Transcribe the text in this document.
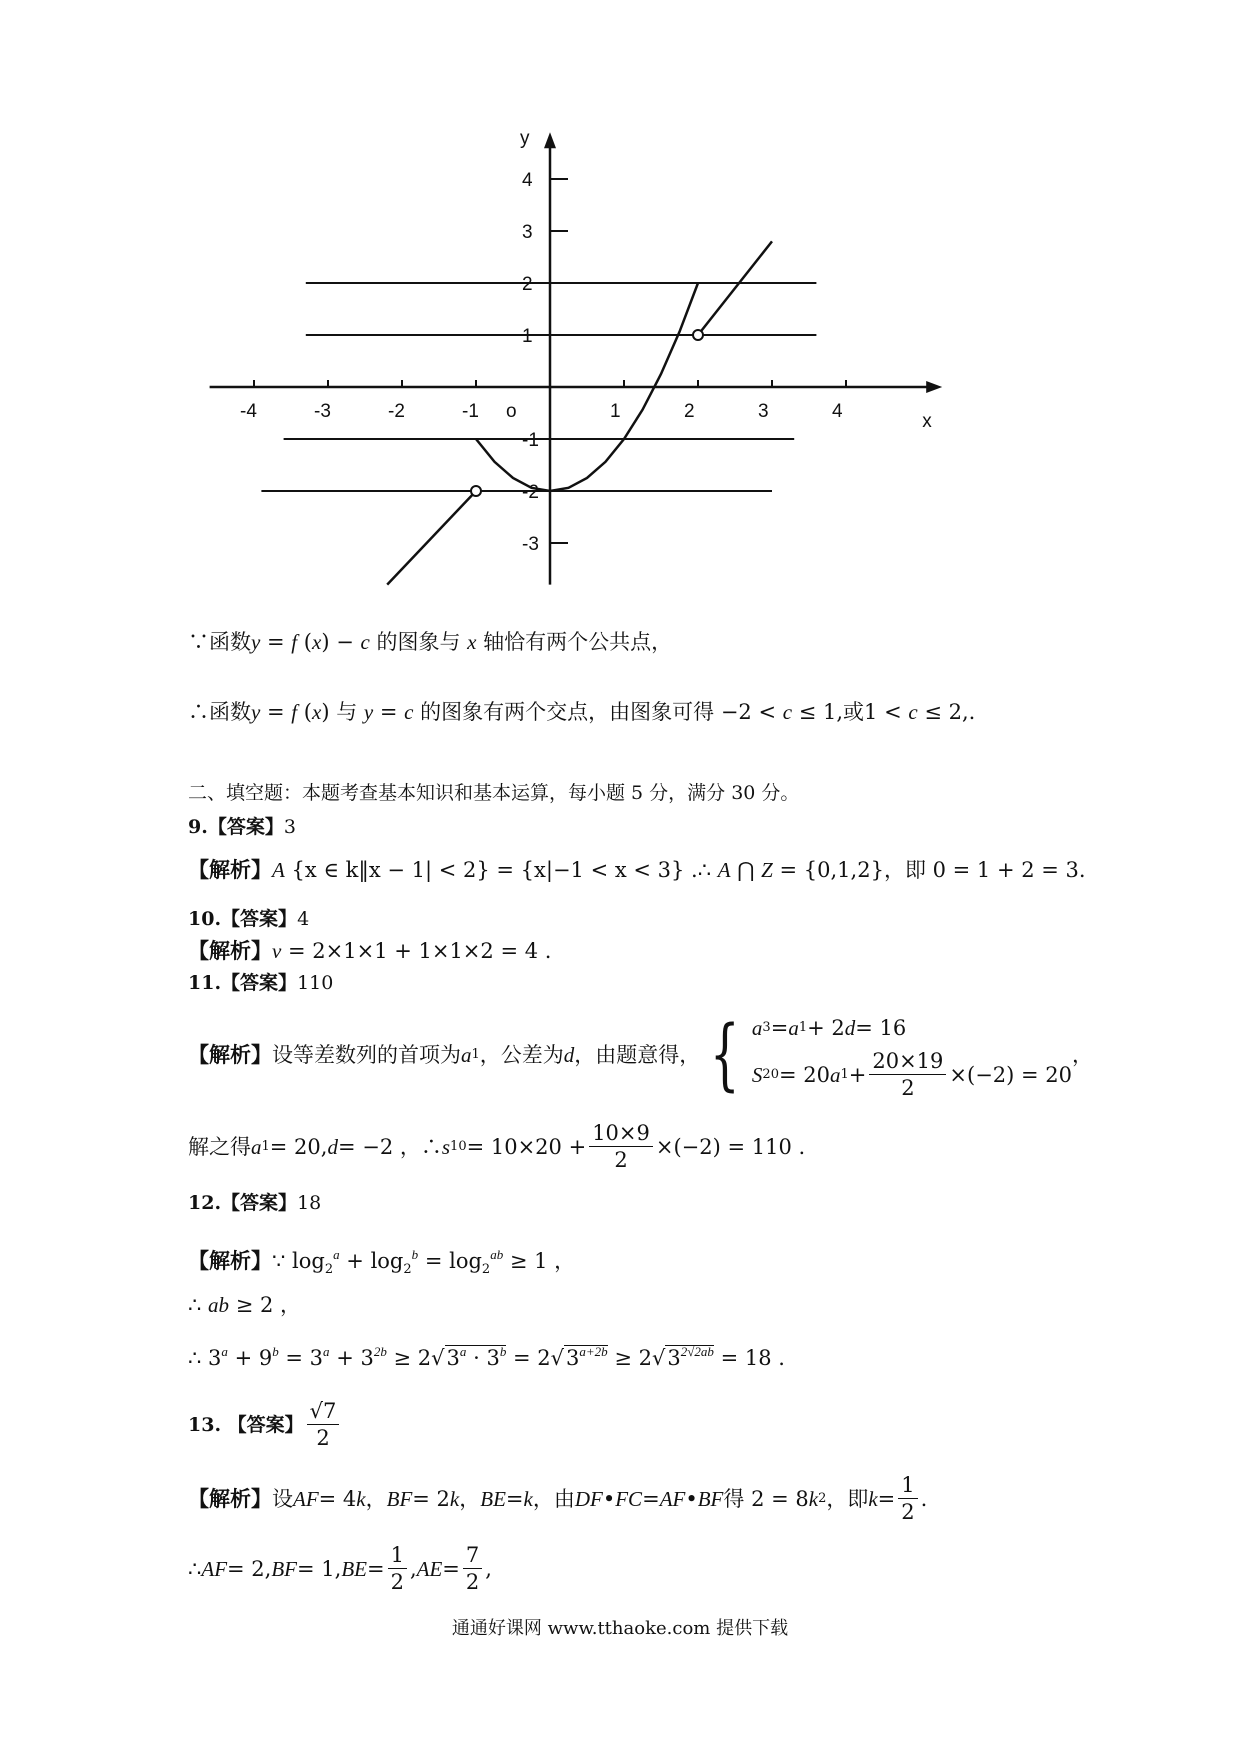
x
y
o
-4	-3	-2	-1	1	2	3	4
4
3
2
1
-1
-2
-3
∵函数y = f (x) − c 的图象与 x 轴恰有两个公共点，
∴函数y = f (x) 与 y = c 的图象有两个交点，由图象可得 −2 < c ≤ 1,或1 < c ≤ 2,.
二、填空题：本题考查基本知识和基本运算，每小题 5 分，满分 30 分。
9.【答案】3
【解析】A {x ∈ k‖x − 1| < 2} = {x|−1 < x < 3} .∴ A ⋂ Z = {0,1,2}，即 0 = 1 + 2 = 3.
10.【答案】4
【解析】v = 2×1×1 + 1×1×2 = 4 .
11.【答案】110
【解析】 设等差数列的首项为 a 1 ，公差为 d ，由题意得， { a 3 = a 1 + 2 d = 16
S 20 = 20 a $1 + \frac{20\times 19}{2} \times(-2) = 20$
，
解之得 a 1 = 20, d = −2 ，∴ s $10 = 10\times 20 + \frac{10\times 9}{2} \times(-2) = 110$ .
12.【答案】18
【解析】∵ $\log_2^a + \log_2^b = \log_2^{ab} \ge 1$ ，
∴ ab ≥ 2 ，
∴ $3^a + 9^b = 3^a + 3^{2b} \ge 2√3^a \cdot 3^b = 2√3^{a+2b} \ge 2√3^{2√2ab} = 18$ .
13. 【答案】 $\frac{√7}{2}$
【解析】 设 AF = 4 k ， BF = 2 k ， BE = k ，由 DF • FC = AF • BF 得 2 = 8 k 2 ，即 $k = \frac{1}{2}$ .
∴ AF = 2, BF = 1, BE = $\frac{1}{2}$ , AE = $\frac{7}{2}$ ,
通通好课网 www.tthaoke.com 提供下载
